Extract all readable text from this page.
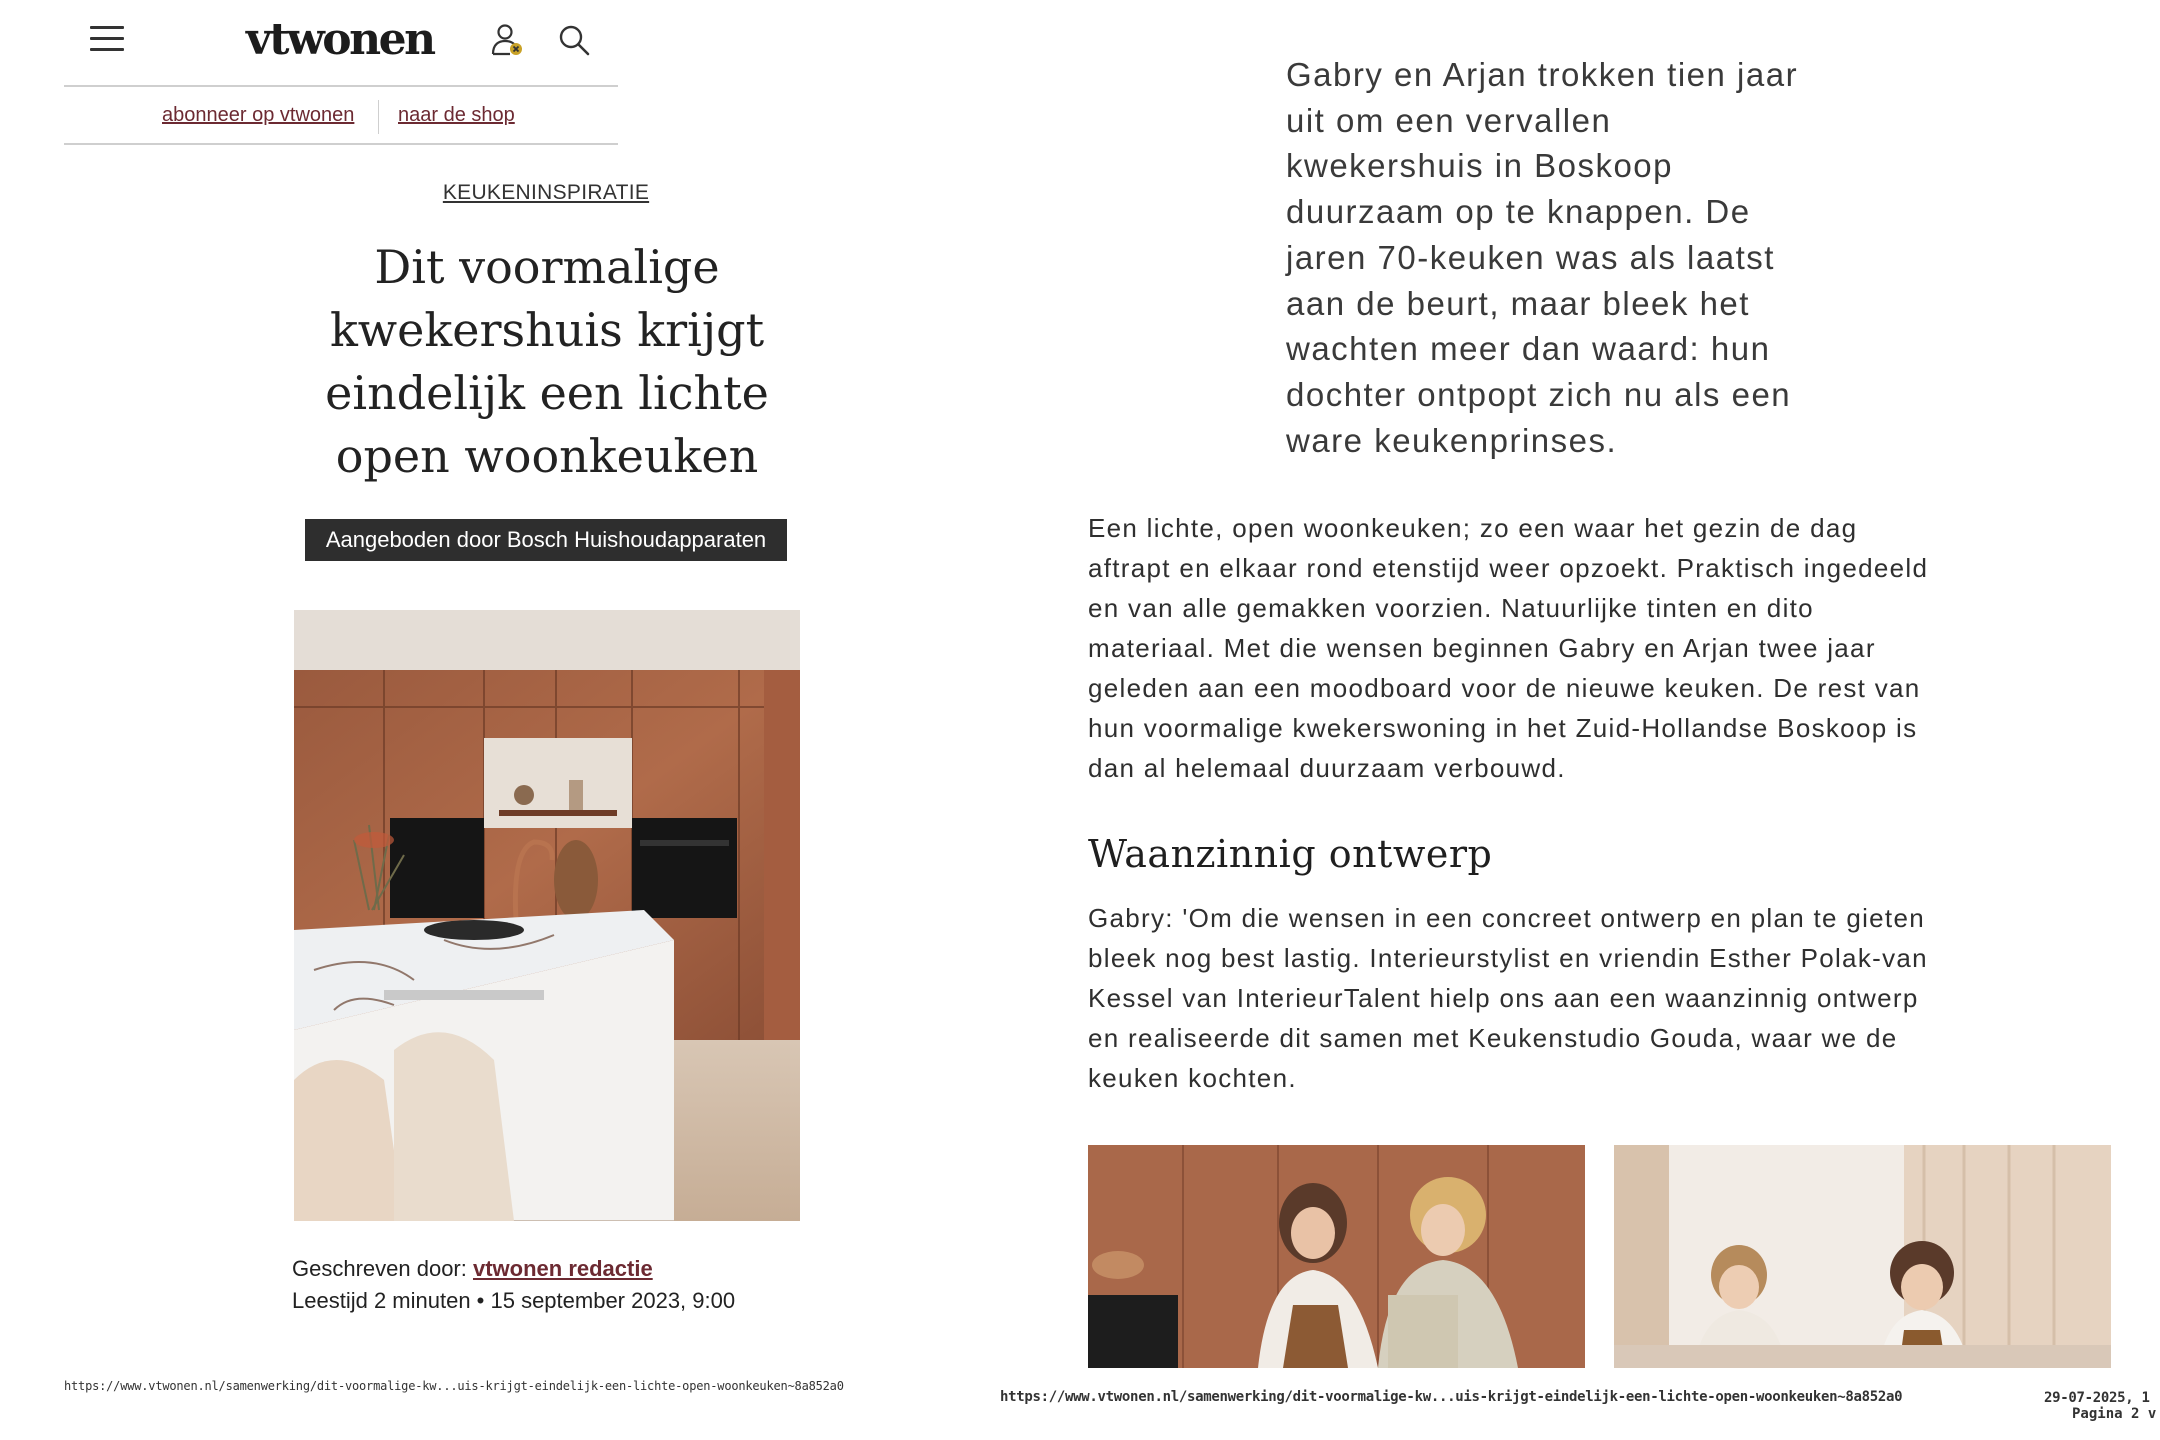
vtwonen
abonneer op vtwonen naar de shop
KEUKENINSPIRATIE
Dit voormalige
kwekershuis krijgt
eindelijk een lichte
open woonkeuken
Aangeboden door Bosch Huishoudapparaten
Geschreven door: vtwonen redactie
Leestijd 2 minuten • 15 september 2023, 9:00
https://www.vtwonen.nl/samenwerking/dit-voormalige-kw...uis-krijgt-eindelijk-een-lichte-open-woonkeuken~8a852a0

Gabry en Arjan trokken tien jaar
uit om een vervallen
kwekershuis in Boskoop
duurzaam op te knappen. De
jaren 70-keuken was als laatst
aan de beurt, maar bleek het
wachten meer dan waard: hun
dochter ontpopt zich nu als een
ware keukenprinses.

Een lichte, open woonkeuken; zo een waar het gezin de dag
aftrapt en elkaar rond etenstijd weer opzoekt. Praktisch ingedeeld
en van alle gemakken voorzien. Natuurlijke tinten en dito
materiaal. Met die wensen beginnen Gabry en Arjan twee jaar
geleden aan een moodboard voor de nieuwe keuken. De rest van
hun voormalige kwekerswoning in het Zuid-Hollandse Boskoop is
dan al helemaal duurzaam verbouwd.

Waanzinnig ontwerp

Gabry: 'Om die wensen in een concreet ontwerp en plan te gieten
bleek nog best lastig. Interieurstylist en vriendin Esther Polak-van
Kessel van InterieurTalent hielp ons aan een waanzinnig ontwerp
en realiseerde dit samen met Keukenstudio Gouda, waar we de
keuken kochten.

https://www.vtwonen.nl/samenwerking/dit-voormalige-kw...uis-krijgt-eindelijk-een-lichte-open-woonkeuken~8a852a0	29-07-2025, 1
Pagina 2 v
